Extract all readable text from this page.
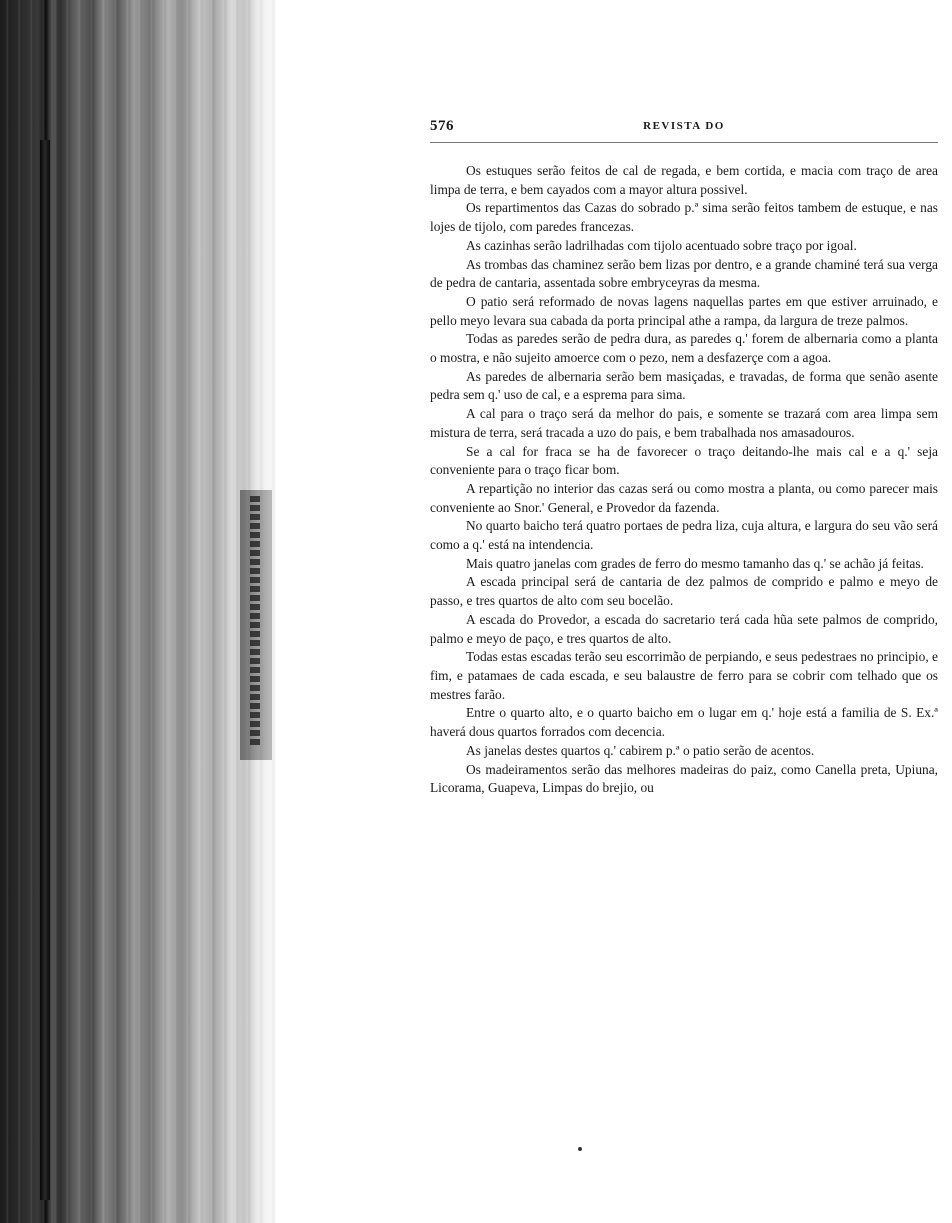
576	REVISTA DO

Os estuques serão feitos de cal de regada, e bem cortida, e macia com traço de area limpa de terra, e bem cayados com a mayor altura possivel.

Os repartimentos das Cazas do sobrado p.ª sima serão feitos tambem de estuque, e nas lojes de tijolo, com paredes francezas.

As cazinhas serão ladrilhadas com tijolo acentuado sobre traço por igoal.

As trombas das chaminez serão bem lizas por dentro, e a grande chaminé terá sua verga de pedra de cantaria, assentada sobre embryceyras da mesma.

O patio será reformado de novas lagens naquellas partes em que estiver arruinado, e pello meyo levara sua cabada da porta principal athe a rampa, da largura de treze palmos.

Todas as paredes serão de pedra dura, as paredes q.' forem de albernaria como a planta o mostra, e não sujeito amoerce com o pezo, nem a desfazerçe com a agoa.

As paredes de albernaria serão bem masiçadas, e travadas, de forma que senão asente pedra sem q.' uso de cal, e a esprema para sima.

A cal para o traço será da melhor do pais, e somente se trazará com area limpa sem mistura de terra, será tracada a uzo do pais, e bem trabalhada nos amasadouros.

Se a cal for fraca se ha de favorecer o traço deitando-lhe mais cal e a q.' seja conveniente para o traço ficar bom.

A repartição no interior das cazas será ou como mostra a planta, ou como parecer mais conveniente ao Snor.' General, e Provedor da fazenda.

No quarto baicho terá quatro portaes de pedra liza, cuja altura, e largura do seu vão será como a q.' está na intendencia.

Mais quatro janelas com grades de ferro do mesmo tamanho das q.' se achão já feitas.

A escada principal será de cantaria de dez palmos de comprido e palmo e meyo de passo, e tres quartos de alto com seu bocelão.

A escada do Provedor, a escada do sacretario terá cada hũa sete palmos de comprido, palmo e meyo de paço, e tres quartos de alto.

Todas estas escadas terão seu escorrimão de perpiando, e seus pedestraes no principio, e fim, e patamaes de cada escada, e seu balaustre de ferro para se cobrir com telhado que os mestres farão.

Entre o quarto alto, e o quarto baicho em o lugar em q.' hoje está a familia de S. Ex.ª haverá dous quartos forrados com decencia.

As janelas destes quartos q.' cabirem p.ª o patio serão de acentos.

Os madeiramentos serão das melhores madeiras do paiz, como Canella preta, Upiuna, Licorama, Guapeva, Limpas do brejio, ou
